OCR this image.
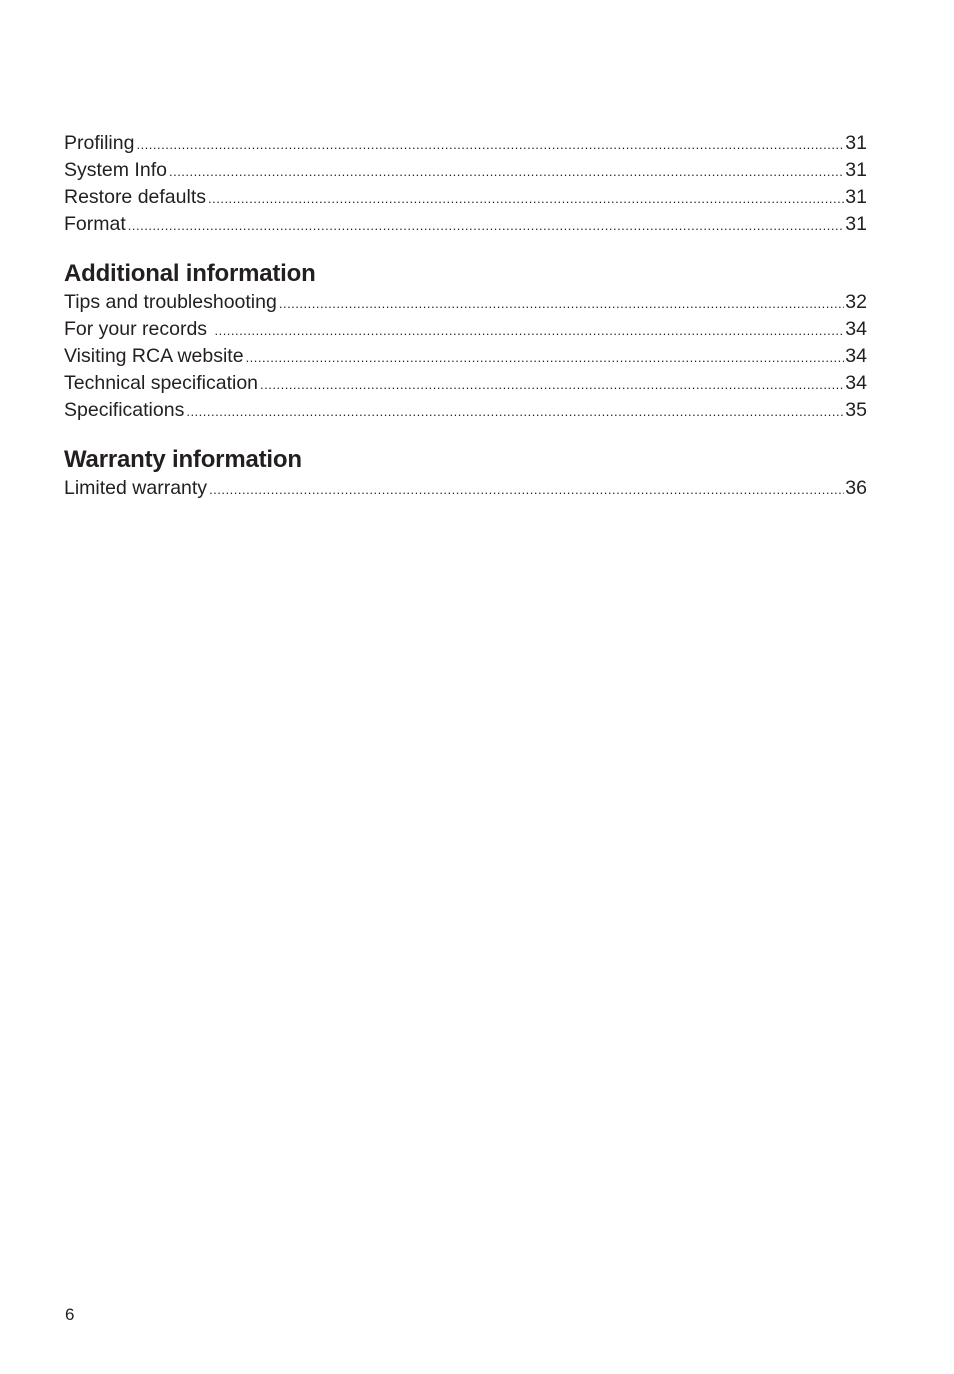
Profiling .....	31
System Info .....	31
Restore defaults .....	31
Format .....	31
Additional information
Tips and troubleshooting .....	32
For your records .....	34
Visiting RCA website .....	34
Technical specification .....	34
Specifications .....	35
Warranty information
Limited warranty .....	36
6
